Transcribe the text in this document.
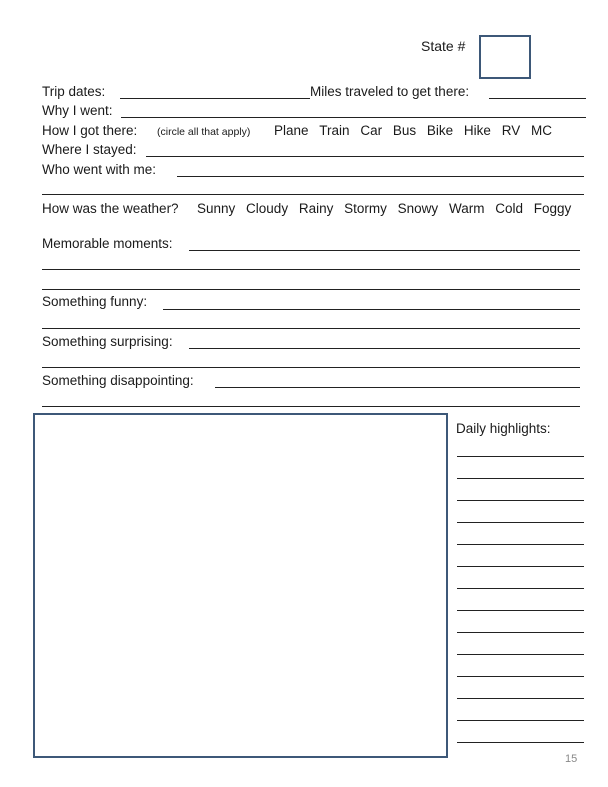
State #
Trip dates:	Miles traveled to get there:
Why I went:
How I got there: (circle all that apply) Plane Train Car Bus Bike Hike RV MC
Where I stayed:
Who went with me:
How was the weather? Sunny Cloudy Rainy Stormy Snowy Warm Cold Foggy
Memorable moments:
Something funny:
Something surprising:
Something disappointing:
Daily highlights:
15
